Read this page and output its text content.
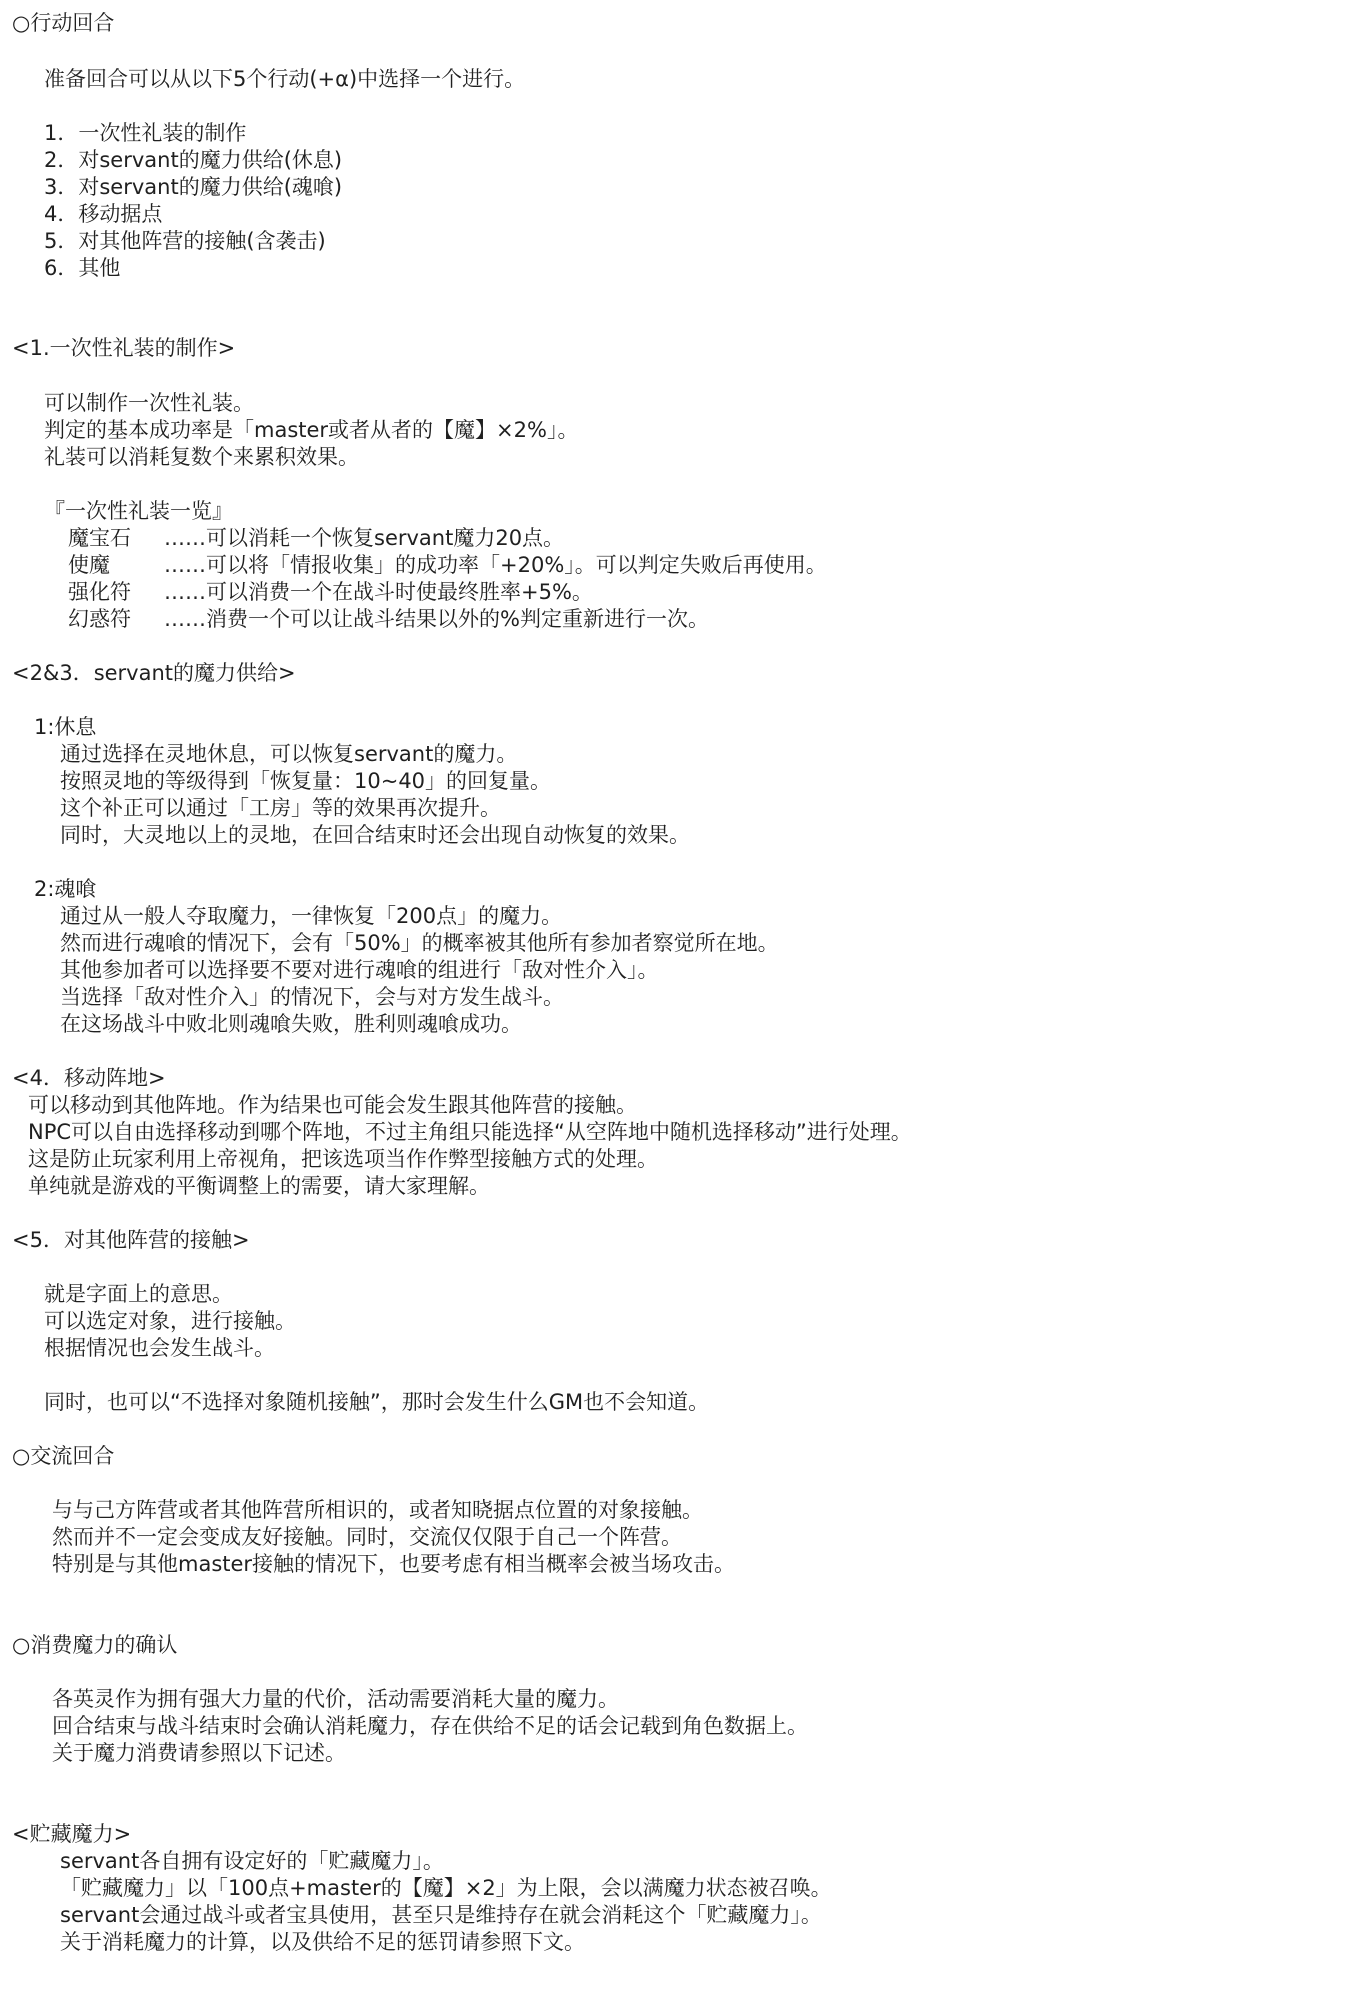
○行动回合
准备回合可以从以下5个行动(+α)中选择一个进行。
1．一次性礼装的制作
2．对servant的魔力供给(休息)
3．对servant的魔力供给(魂喰)
4．移动据点
5．对其他阵营的接触(含袭击)
6．其他
<1.一次性礼装的制作>
可以制作一次性礼装。
判定的基本成功率是「master或者从者的【魔】×2%」。
礼装可以消耗复数个来累积效果。
『一次性礼装一览』
魔宝石 ……可以消耗一个恢复servant魔力20点。
使魔	……可以将「情报收集」的成功率「+20%」。可以判定失败后再使用。
强化符 ……可以消费一个在战斗时使最终胜率+5%。
幻惑符 ……消费一个可以让战斗结果以外的%判定重新进行一次。
<2&3．servant的魔力供给>
1:休息
通过选择在灵地休息，可以恢复servant的魔力。
按照灵地的等级得到「恢复量：10~40」的回复量。
这个补正可以通过「工房」等的效果再次提升。
同时，大灵地以上的灵地，在回合结束时还会出现自动恢复的效果。
2:魂喰
通过从一般人夺取魔力，一律恢复「200点」的魔力。
然而进行魂喰的情况下，会有「50%」的概率被其他所有参加者察觉所在地。
其他参加者可以选择要不要对进行魂喰的组进行「敌对性介入」。
当选择「敌对性介入」的情况下，会与对方发生战斗。
在这场战斗中败北则魂喰失败，胜利则魂喰成功。
<4．移动阵地>
可以移动到其他阵地。作为结果也可能会发生跟其他阵营的接触。
NPC可以自由选择移动到哪个阵地，不过主角组只能选择“从空阵地中随机选择移动”进行处理。
这是防止玩家利用上帝视角，把该选项当作作弊型接触方式的处理。
单纯就是游戏的平衡调整上的需要，请大家理解。
<5．对其他阵营的接触>
就是字面上的意思。
可以选定对象，进行接触。
根据情况也会发生战斗。
同时，也可以“不选择对象随机接触”，那时会发生什么GM也不会知道。
○交流回合
与与己方阵营或者其他阵营所相识的，或者知晓据点位置的对象接触。
然而并不一定会变成友好接触。同时，交流仅仅限于自己一个阵营。
特别是与其他master接触的情况下，也要考虑有相当概率会被当场攻击。
○消费魔力的确认
各英灵作为拥有强大力量的代价，活动需要消耗大量的魔力。
回合结束与战斗结束时会确认消耗魔力，存在供给不足的话会记载到角色数据上。
关于魔力消费请参照以下记述。
<贮藏魔力>
servant各自拥有设定好的「贮藏魔力」。
「贮藏魔力」以「100点+master的【魔】×2」为上限，会以满魔力状态被召唤。
servant会通过战斗或者宝具使用，甚至只是维持存在就会消耗这个「贮藏魔力」。
关于消耗魔力的计算，以及供给不足的惩罚请参照下文。
